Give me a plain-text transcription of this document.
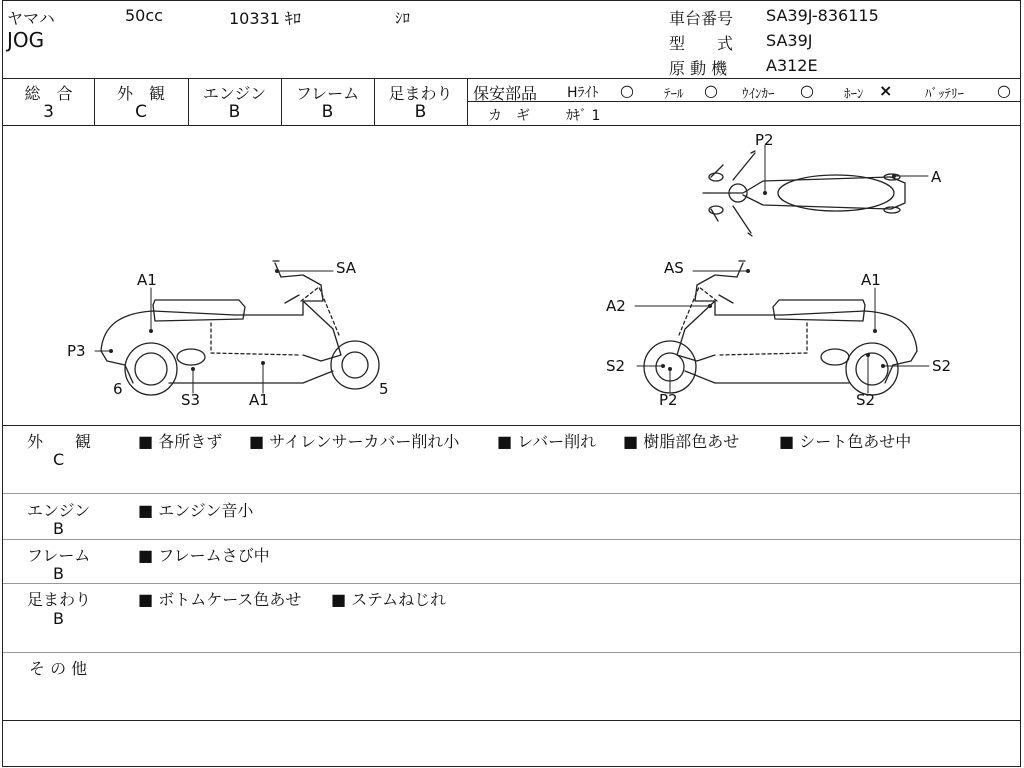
ヤマハ	50cc	10331 ｷﾛ	ｼﾛ
JOG
車台番号 SA39J-836115
型　　式 SA39J
原 動 機 A312E
総　合
3
外　観
C
エンジン
B
フレーム
B
足まわり
B
保安部品 Hﾗｲﾄ ○ ﾃｰﾙ ○ ｳｲﾝｶｰ ○ ﾎｰﾝ ×	ﾊﾞｯﾃﾘｰ ○
カ　ギ	ｶｷﾞ 1
P2
A
A1
SA
P3
6
S3	A1
5
AS
A2
A1
S2
P2
S2
S2
外　　観
C
■ 各所きず ■ サイレンサーカバー削れ小 ■ レバー削れ ■ 樹脂部色あせ ■ シート色あせ中
エンジン
B
■ エンジン音小
フレーム
B
■ フレームさび中
足まわり
B
■ ボトムケース色あせ ■ ステムねじれ
そ の 他
